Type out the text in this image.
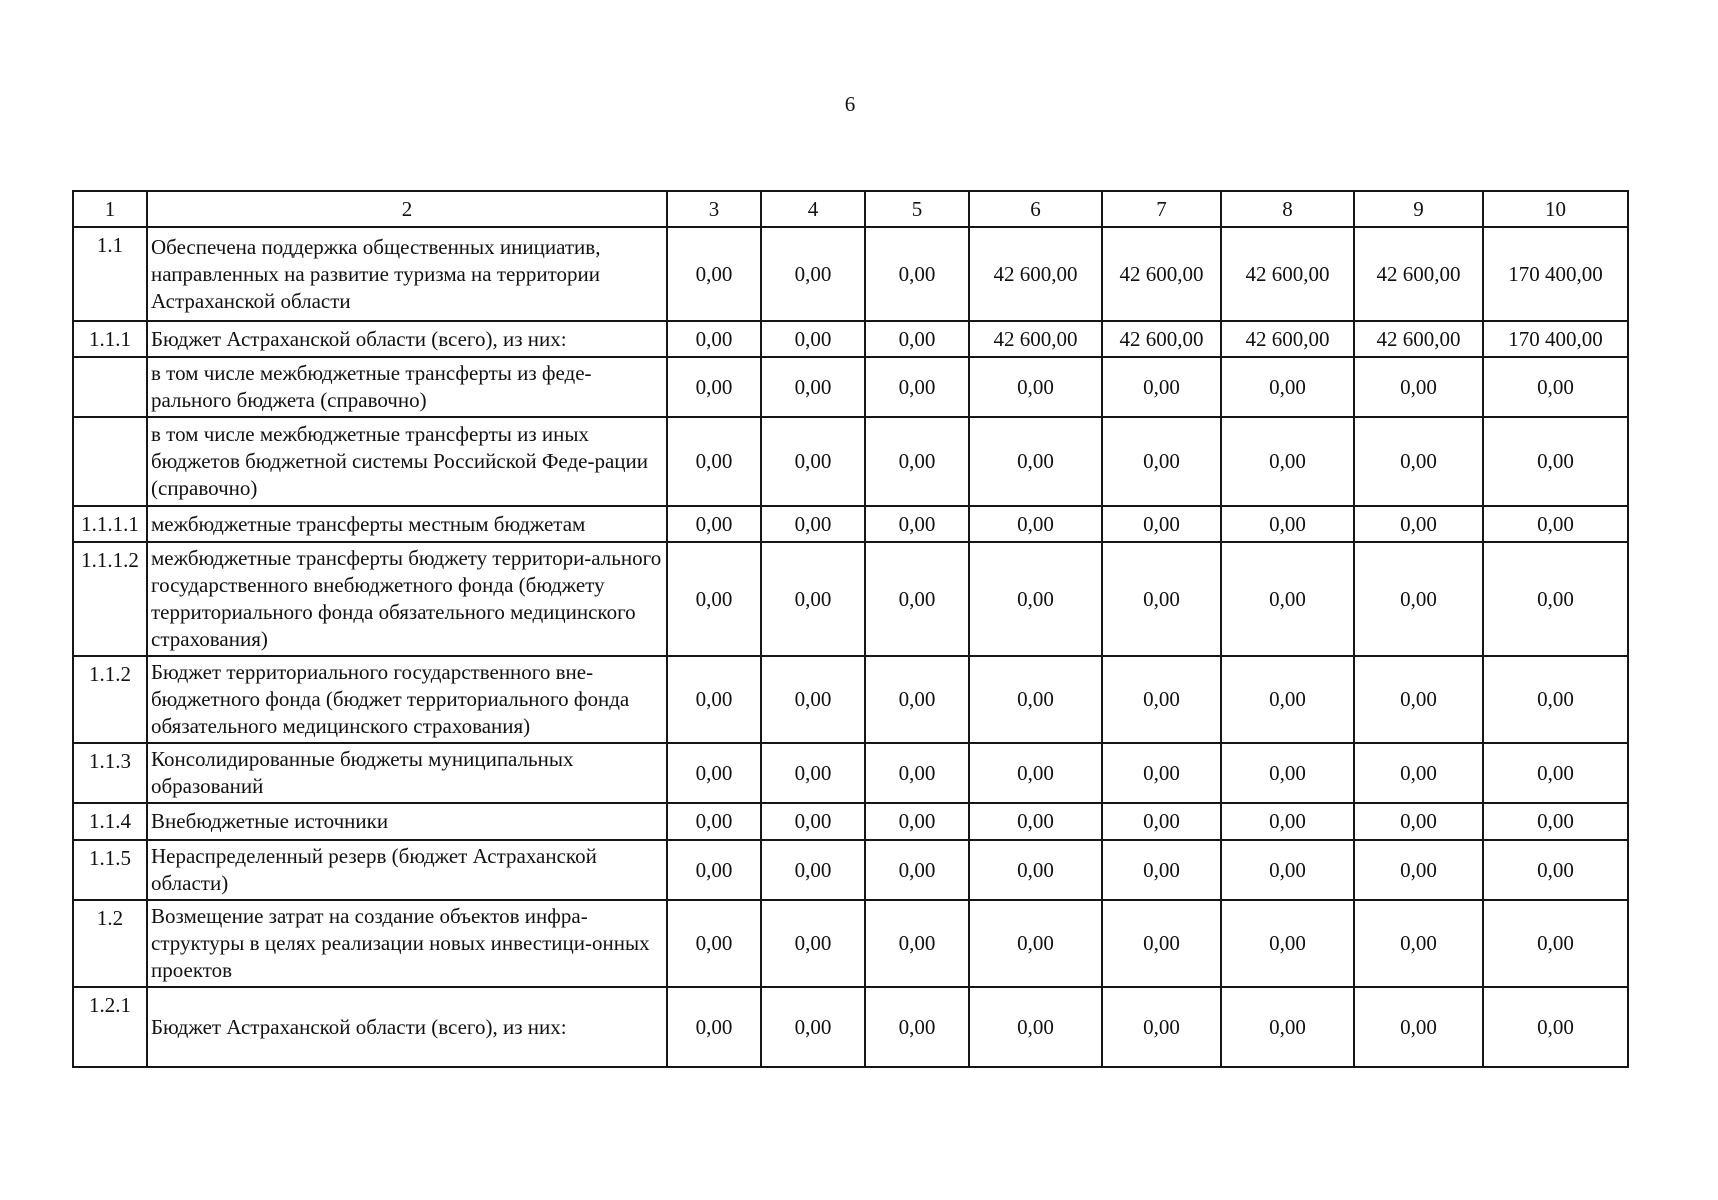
6
1	2	3	4	5	6	7	8	9	10
1.1	Обеспечена поддержка общественных инициатив, направленных на развитие туризма на территории Астраханской области	0,00	0,00	0,00	42 600,00	42 600,00	42 600,00	42 600,00	170 400,00
1.1.1	Бюджет Астраханской области (всего), из них:	0,00	0,00	0,00	42 600,00	42 600,00	42 600,00	42 600,00	170 400,00
	в том числе межбюджетные трансферты из феде-рального бюджета (справочно)	0,00	0,00	0,00	0,00	0,00	0,00	0,00	0,00
	в том числе межбюджетные трансферты из иных бюджетов бюджетной системы Российской Феде-рации (справочно)	0,00	0,00	0,00	0,00	0,00	0,00	0,00	0,00
1.1.1.1	межбюджетные трансферты местным бюджетам	0,00	0,00	0,00	0,00	0,00	0,00	0,00	0,00
1.1.1.2	межбюджетные трансферты бюджету территори-ального государственного внебюджетного фонда (бюджету территориального фонда обязательного медицинского страхования)	0,00	0,00	0,00	0,00	0,00	0,00	0,00	0,00
1.1.2	Бюджет территориального государственного вне-бюджетного фонда (бюджет территориального фонда обязательного медицинского страхования)	0,00	0,00	0,00	0,00	0,00	0,00	0,00	0,00
1.1.3	Консолидированные бюджеты муниципальных образований	0,00	0,00	0,00	0,00	0,00	0,00	0,00	0,00
1.1.4	Внебюджетные источники	0,00	0,00	0,00	0,00	0,00	0,00	0,00	0,00
1.1.5	Нераспределенный резерв (бюджет Астраханской области)	0,00	0,00	0,00	0,00	0,00	0,00	0,00	0,00
1.2	Возмещение затрат на создание объектов инфра-структуры в целях реализации новых инвестици-онных проектов	0,00	0,00	0,00	0,00	0,00	0,00	0,00	0,00
1.2.1	Бюджет Астраханской области (всего), из них:	0,00	0,00	0,00	0,00	0,00	0,00	0,00	0,00
